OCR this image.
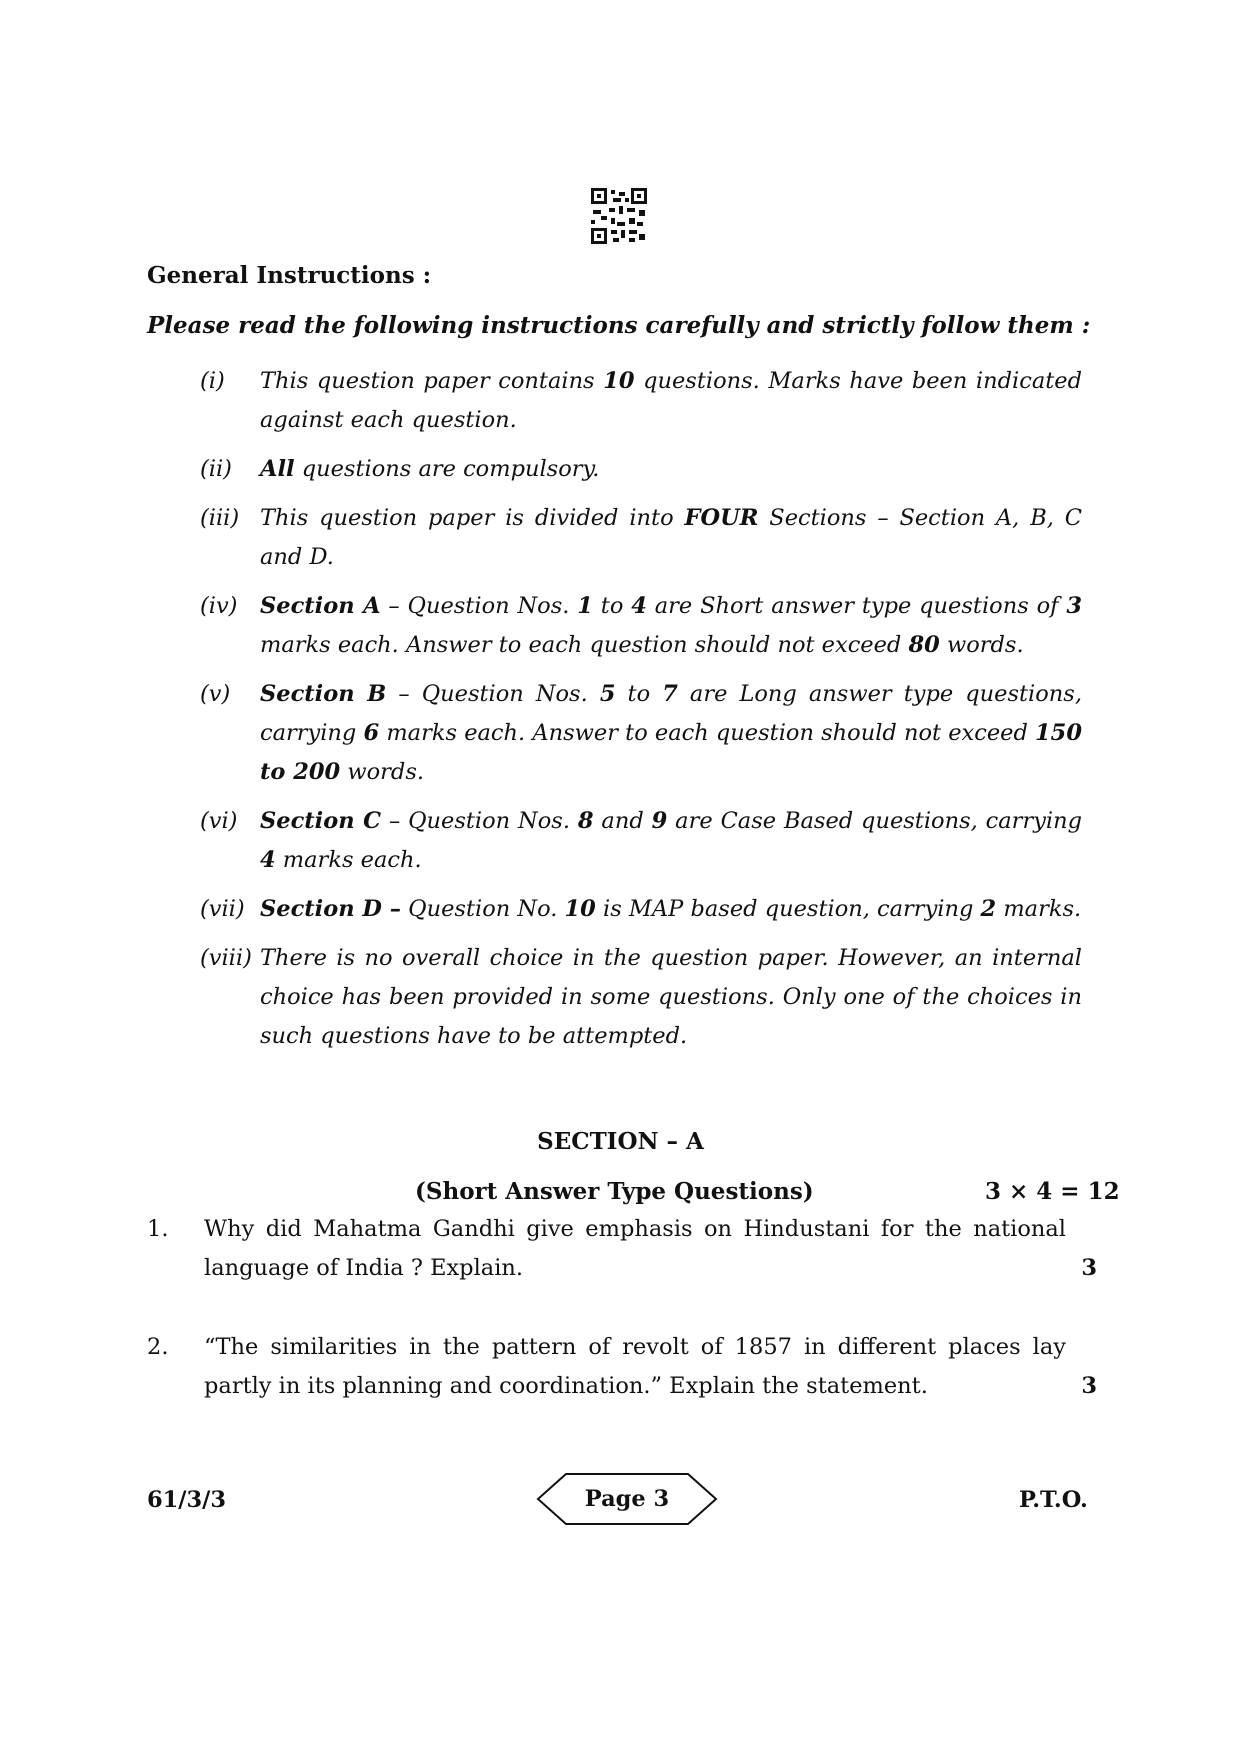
General Instructions :

Please read the following instructions carefully and strictly follow them :

(i) This question paper contains 10 questions. Marks have been indicated against each question.
(ii) All questions are compulsory.
(iii) This question paper is divided into FOUR Sections – Section A, B, C and D.
(iv) Section A – Question Nos. 1 to 4 are Short answer type questions of 3 marks each. Answer to each question should not exceed 80 words.
(v) Section B – Question Nos. 5 to 7 are Long answer type questions, carrying 6 marks each. Answer to each question should not exceed 150 to 200 words.
(vi) Section C – Question Nos. 8 and 9 are Case Based questions, carrying 4 marks each.
(vii) Section D – Question No. 10 is MAP based question, carrying 2 marks.
(viii) There is no overall choice in the question paper. However, an internal choice has been provided in some questions. Only one of the choices in such questions have to be attempted.
SECTION – A
(Short Answer Type Questions)	3 × 4 = 12
1. Why did Mahatma Gandhi give emphasis on Hindustani for the national language of India ? Explain.	3
2. “The similarities in the pattern of revolt of 1857 in different places lay partly in its planning and coordination.” Explain the statement.	3
61/3/3	Page 3	P.T.O.
